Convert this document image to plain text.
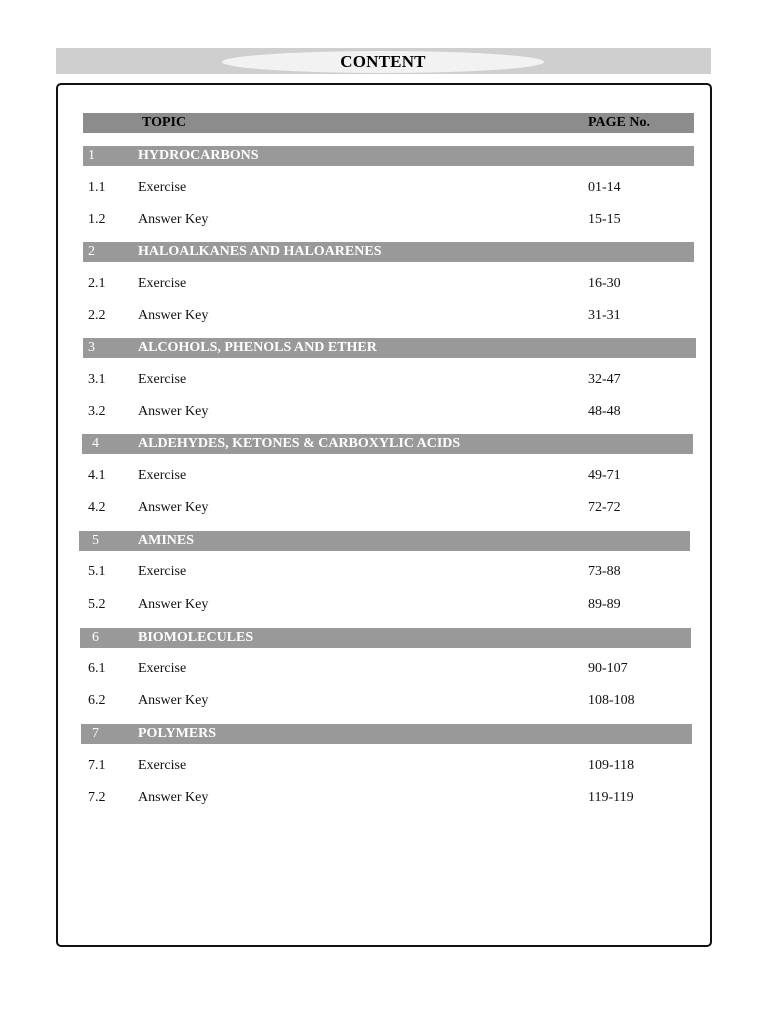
CONTENT
TOPIC	PAGE No.
1	HYDROCARBONS
1.1 Exercise	01-14
1.2 Answer Key	15-15
2	HALOALKANES AND HALOARENES
2.1 Exercise	16-30
2.2 Answer Key	31-31
3	ALCOHOLS, PHENOLS AND ETHER
3.1 Exercise	32-47
3.2 Answer Key	48-48
4	ALDEHYDES, KETONES & CARBOXYLIC ACIDS
4.1 Exercise	49-71
4.2 Answer Key	72-72
5	AMINES
5.1 Exercise	73-88
5.2 Answer Key	89-89
6	BIOMOLECULES
6.1 Exercise	90-107
6.2 Answer Key	108-108
7	POLYMERS
7.1 Exercise	109-118
7.2 Answer Key	119-119
